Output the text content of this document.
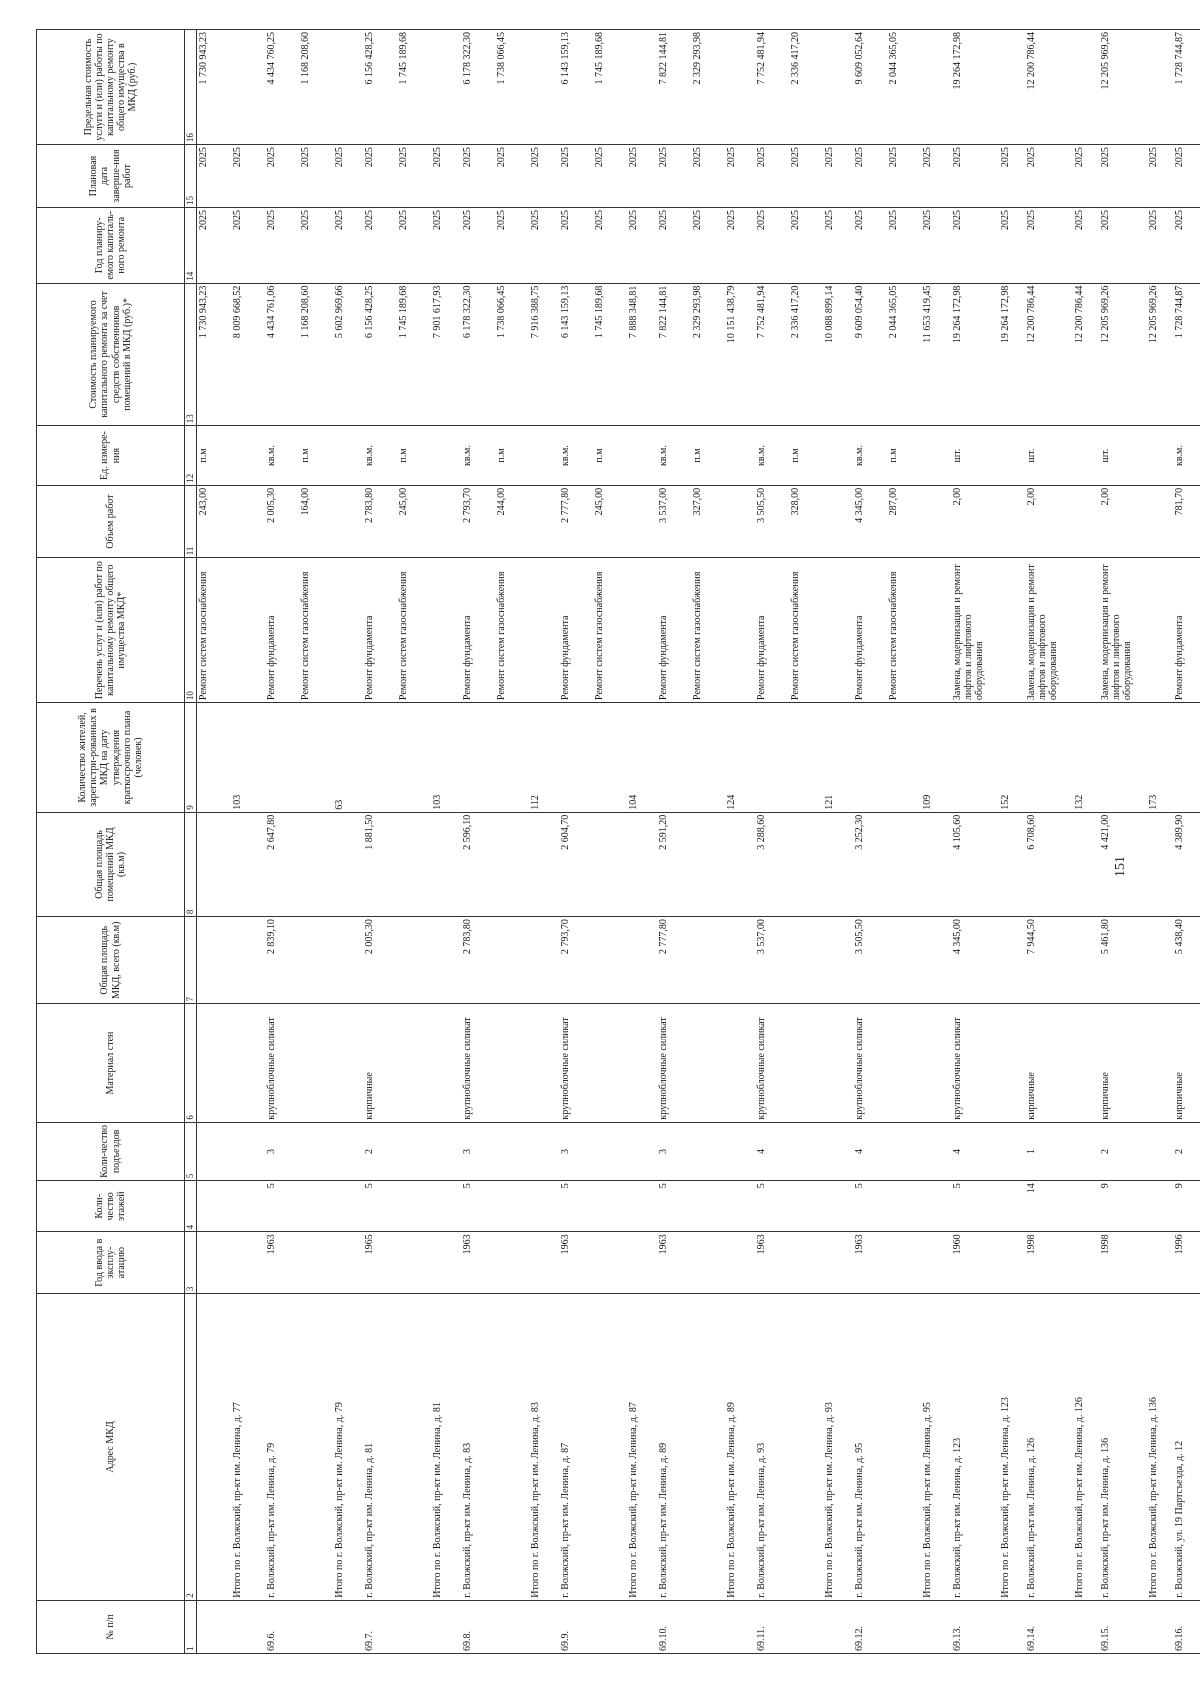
151
№ п/п	Адрес МКД	Год ввода в эксплу-атацию	Коли-чество этажей	Коли-чество подъездов	Материал стен	Общая площадь МКД, всего (кв.м)	Общая площадь помещений МКД (кв.м)	Количество жителей, зарегистри-рованных в МКД на дату утверждения краткосрочного плана (человек)	Перечень услуг и (или) работ по капитальному ремонту общего имущества МКД*	Объем работ	Ед. измере-ния	Стоимость планируемого капитального ремонта за счет средств собственников помещений в МКД (руб.)*	Год планиру-емого капиталь-ного ремонта	Плановая дата заверше-ния работ	Предельная стоимость услуги и (или) работы по капитальному ремонту общего имущества в МКД (руб.)
1	2	3	4	5	6	7	8	9	10	11	12	13	14	15	16
									Ремонт систем газоснабжения	243,00	п.м	1 730 943,23	2025	2025	1 730 943,23
	Итого по г. Волжский, пр-кт им. Ленина, д. 77							103				8 009 668,52	2025	2025	
69.6.	г. Волжский, пр-кт им. Ленина, д. 79	1963	5	3	крупноблочные силикат	2 839,10	2 647,80		Ремонт фундамента	2 005,30	кв.м.	4 434 761,06	2025	2025	4 434 760,25
									Ремонт систем газоснабжения	164,00	п.м	1 168 208,60	2025	2025	1 168 208,60
	Итого по г. Волжский, пр-кт им. Ленина, д. 79							63				5 602 969,66	2025	2025	
69.7.	г. Волжский, пр-кт им. Ленина, д. 81	1965	5	2	кирпичные	2 005,30	1 881,50		Ремонт фундамента	2 783,80	кв.м.	6 156 428,25	2025	2025	6 156 428,25
									Ремонт систем газоснабжения	245,00	п.м	1 745 189,68	2025	2025	1 745 189,68
	Итого по г. Волжский, пр-кт им. Ленина, д. 81							103				7 901 617,93	2025	2025	
69.8.	г. Волжский, пр-кт им. Ленина, д. 83	1963	5	3	крупноблочные силикат	2 783,80	2 596,10		Ремонт фундамента	2 793,70	кв.м.	6 178 322,30	2025	2025	6 178 322,30
									Ремонт систем газоснабжения	244,00	п.м	1 738 066,45	2025	2025	1 738 066,45
	Итого по г. Волжский, пр-кт им. Ленина, д. 83							112				7 916 388,75	2025	2025	
69.9.	г. Волжский, пр-кт им. Ленина, д. 87	1963	5	3	крупноблочные силикат	2 793,70	2 604,70		Ремонт фундамента	2 777,80	кв.м.	6 143 159,13	2025	2025	6 143 159,13
									Ремонт систем газоснабжения	245,00	п.м	1 745 189,68	2025	2025	1 745 189,68
	Итого по г. Волжский, пр-кт им. Ленина, д. 87							104				7 888 348,81	2025	2025	
69.10.	г. Волжский, пр-кт им. Ленина, д. 89	1963	5	3	крупноблочные силикат	2 777,80	2 591,20		Ремонт фундамента	3 537,00	кв.м.	7 822 144,81	2025	2025	7 822 144,81
									Ремонт систем газоснабжения	327,00	п.м	2 329 293,98	2025	2025	2 329 293,98
	Итого по г. Волжский, пр-кт им. Ленина, д. 89							124				10 151 438,79	2025	2025	
69.11.	г. Волжский, пр-кт им. Ленина, д. 93	1963	5	4	крупноблочные силикат	3 537,00	3 288,60		Ремонт фундамента	3 505,50	кв.м.	7 752 481,94	2025	2025	7 752 481,94
									Ремонт систем газоснабжения	328,00	п.м	2 336 417,20	2025	2025	2 336 417,20
	Итого по г. Волжский, пр-кт им. Ленина, д. 93							121				10 088 899,14	2025	2025	
69.12.	г. Волжский, пр-кт им. Ленина, д. 95	1963	5	4	крупноблочные силикат	3 505,50	3 252,30		Ремонт фундамента	4 345,00	кв.м.	9 609 054,40	2025	2025	9 609 052,64
									Ремонт систем газоснабжения	287,00	п.м	2 044 365,05	2025	2025	2 044 365,05
	Итого по г. Волжский, пр-кт им. Ленина, д. 95							109				11 653 419,45	2025	2025	
69.13.	г. Волжский, пр-кт им. Ленина, д. 123	1960	5	4	крупноблочные силикат	4 345,00	4 105,60		Замена, модернизация и ремонт лифтов и лифтового оборудования	2,00	шт.	19 264 172,98	2025	2025	19 264 172,98
	Итого по г. Волжский, пр-кт им. Ленина, д. 123							152				19 264 172,98	2025	2025	
69.14.	г. Волжский, пр-кт им. Ленина, д. 126	1998	14	1	кирпичные	7 944,50	6 708,60		Замена, модернизация и ремонт лифтов и лифтового оборудования	2,00	шт.	12 200 786,44	2025	2025	12 200 786,44
	Итого по г. Волжский, пр-кт им. Ленина, д. 126							132				12 200 786,44	2025	2025	
69.15.	г. Волжский, пр-кт им. Ленина, д. 136	1998	9	2	кирпичные	5 461,80	4 421,00		Замена, модернизация и ремонт лифтов и лифтового оборудования	2,00	шт.	12 205 969,26	2025	2025	12 205 969,26
	Итого по г. Волжский, пр-кт им. Ленина, д. 136							173				12 205 969,26	2025	2025	
69.16.	г. Волжский, ул. 19 Партсъезда, д. 12	1996	9	2	кирпичные	5 438,40	4 389,90		Ремонт фундамента	781,70	кв.м.	1 728 744,87	2025	2025	1 728 744,87
